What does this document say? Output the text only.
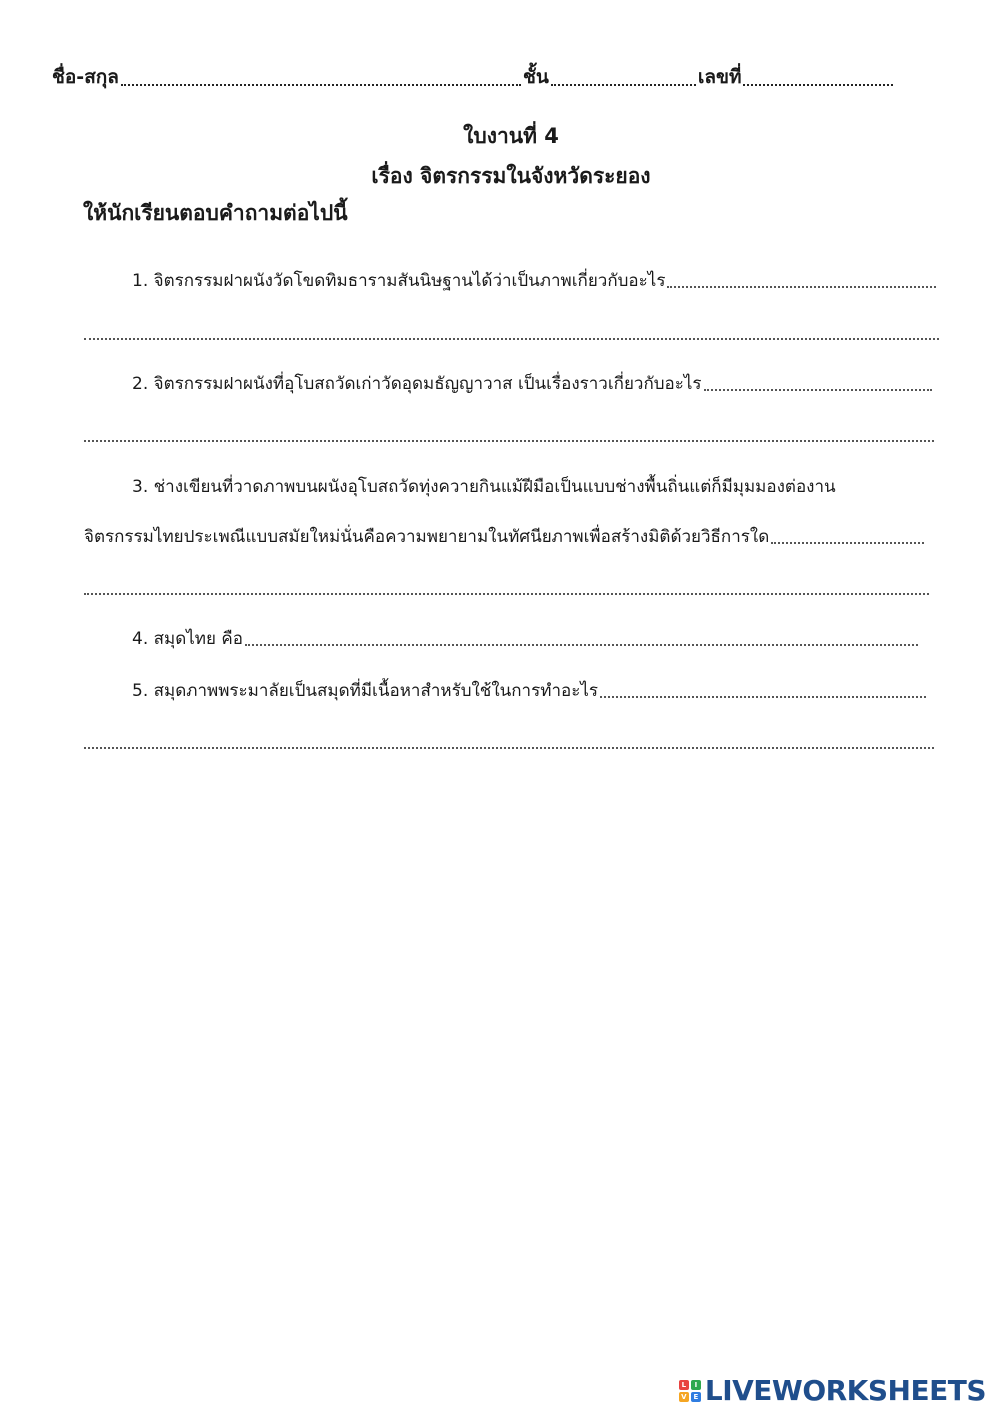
ชื่อ-สกุล	ชั้น	เลขที่
ใบงานที่ 4
เรื่อง จิตรกรรมในจังหวัดระยอง
ให้นักเรียนตอบคำถามต่อไปนี้
1. จิตรกรรมฝาผนังวัดโขดทิมธารามสันนิษฐานได้ว่าเป็นภาพเกี่ยวกับอะไร
2. จิตรกรรมฝาผนังที่อุโบสถวัดเก่าวัดอุดมธัญญาวาส เป็นเรื่องราวเกี่ยวกับอะไร
3. ช่างเขียนที่วาดภาพบนผนังอุโบสถวัดทุ่งควายกินแม้ฝีมือเป็นแบบช่างพื้นถิ่นแต่ก็มีมุมมองต่องาน
จิตรกรรมไทยประเพณีแบบสมัยใหม่นั่นคือความพยายามในทัศนียภาพเพื่อสร้างมิติด้วยวิธีการใด
4. สมุดไทย คือ
5. สมุดภาพพระมาลัยเป็นสมุดที่มีเนื้อหาสำหรับใช้ในการทำอะไร
L	I
V E LIVEWORKSHEETS
